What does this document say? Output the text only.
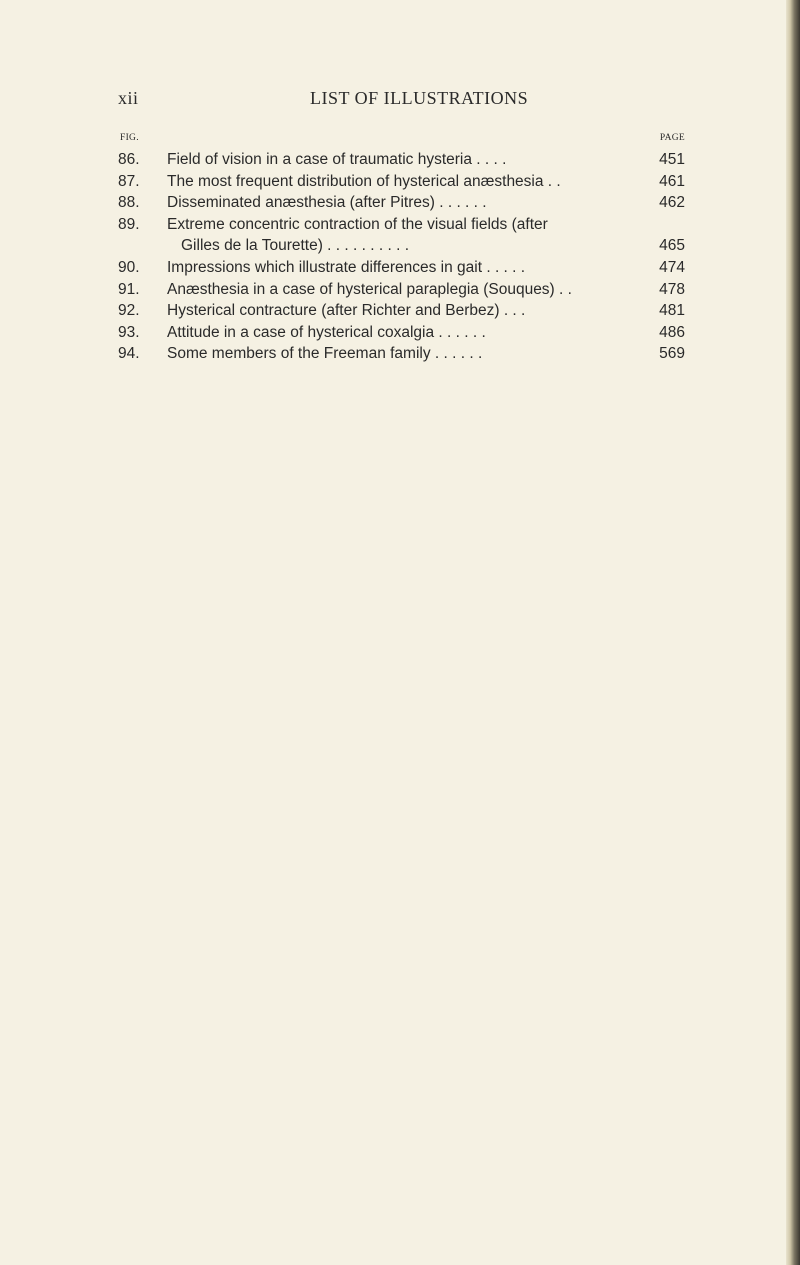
xii	LIST OF ILLUSTRATIONS
FIG.	PAGE
86. Field of vision in a case of traumatic hysteria . . . .	451
87. The most frequent distribution of hysterical anæsthesia . .	461
88. Disseminated anæsthesia (after Pitres) . . . . . .	462
89. Extreme concentric contraction of the visual fields (after
Gilles de la Tourette) . . . . . . . . . .	465
90. Impressions which illustrate differences in gait . . . . .	474
91. Anæsthesia in a case of hysterical paraplegia (Souques) . .	478
92. Hysterical contracture (after Richter and Berbez) . . .	481
93. Attitude in a case of hysterical coxalgia . . . . . .	486
94. Some members of the Freeman family . . . . . .	569
